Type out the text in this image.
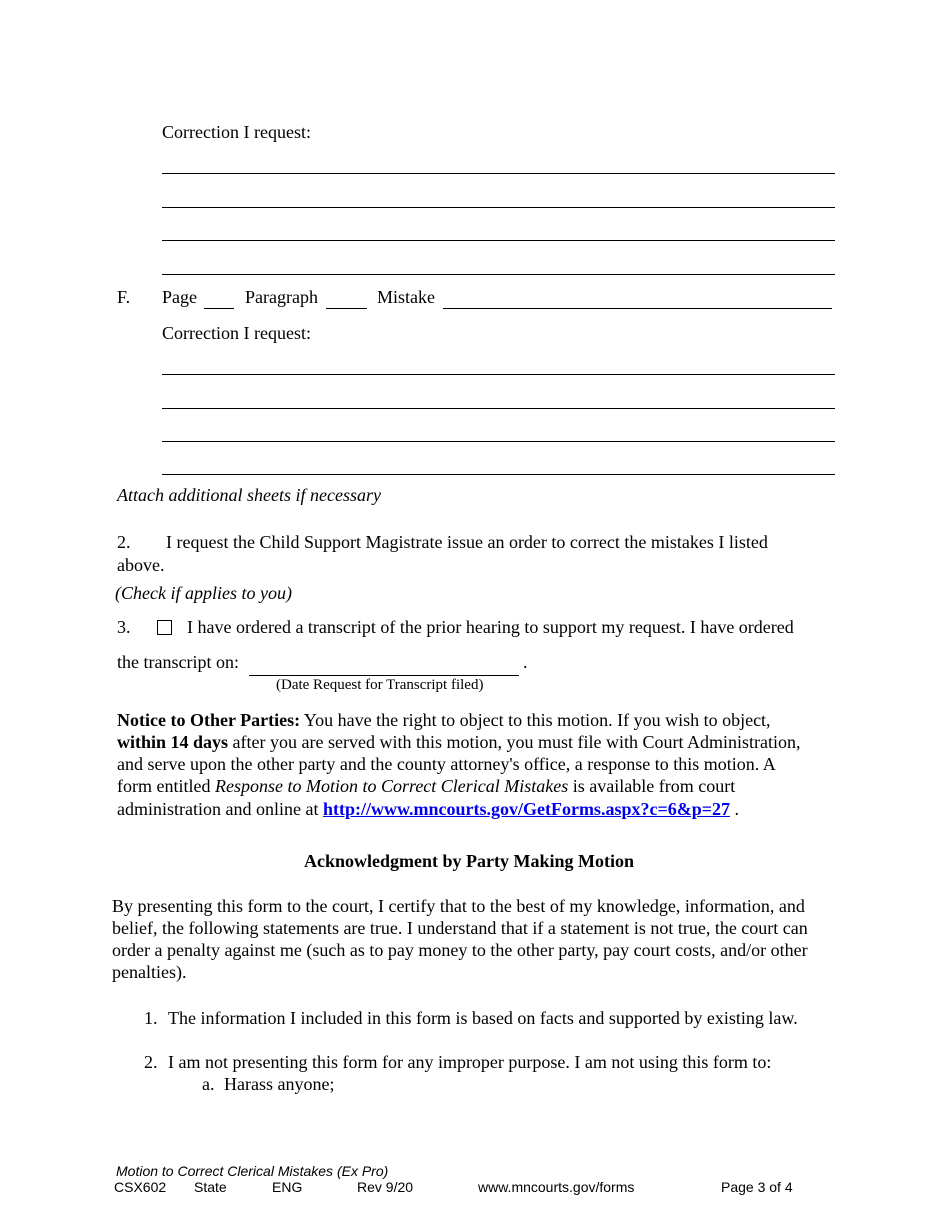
Correction I request:
F. Page	Paragraph	Mistake
Correction I request:
Attach additional sheets if necessary
2. I request the Child Support Magistrate issue an order to correct the mistakes I listed
above.
(Check if applies to you)
3.	I have ordered a transcript of the prior hearing to support my request. I have ordered
the transcript on:	.
(Date Request for Transcript filed)
Notice to Other Parties: You have the right to object to this motion. If you wish to object,
within 14 days after you are served with this motion, you must file with Court Administration,
and serve upon the other party and the county attorney's office, a response to this motion. A
form entitled Response to Motion to Correct Clerical Mistakes is available from court
administration and online at http://www.mncourts.gov/GetForms.aspx?c=6&p=27 .
Acknowledgment by Party Making Motion
By presenting this form to the court, I certify that to the best of my knowledge, information, and
belief, the following statements are true. I understand that if a statement is not true, the court can
order a penalty against me (such as to pay money to the other party, pay court costs, and/or other
penalties).
1. The information I included in this form is based on facts and supported by existing law.
2. I am not presenting this form for any improper purpose. I am not using this form to:
a. Harass anyone;
Motion to Correct Clerical Mistakes (Ex Pro)
CSX602 State	ENG	Rev 9/20	www.mncourts.gov/forms	Page 3 of 4
